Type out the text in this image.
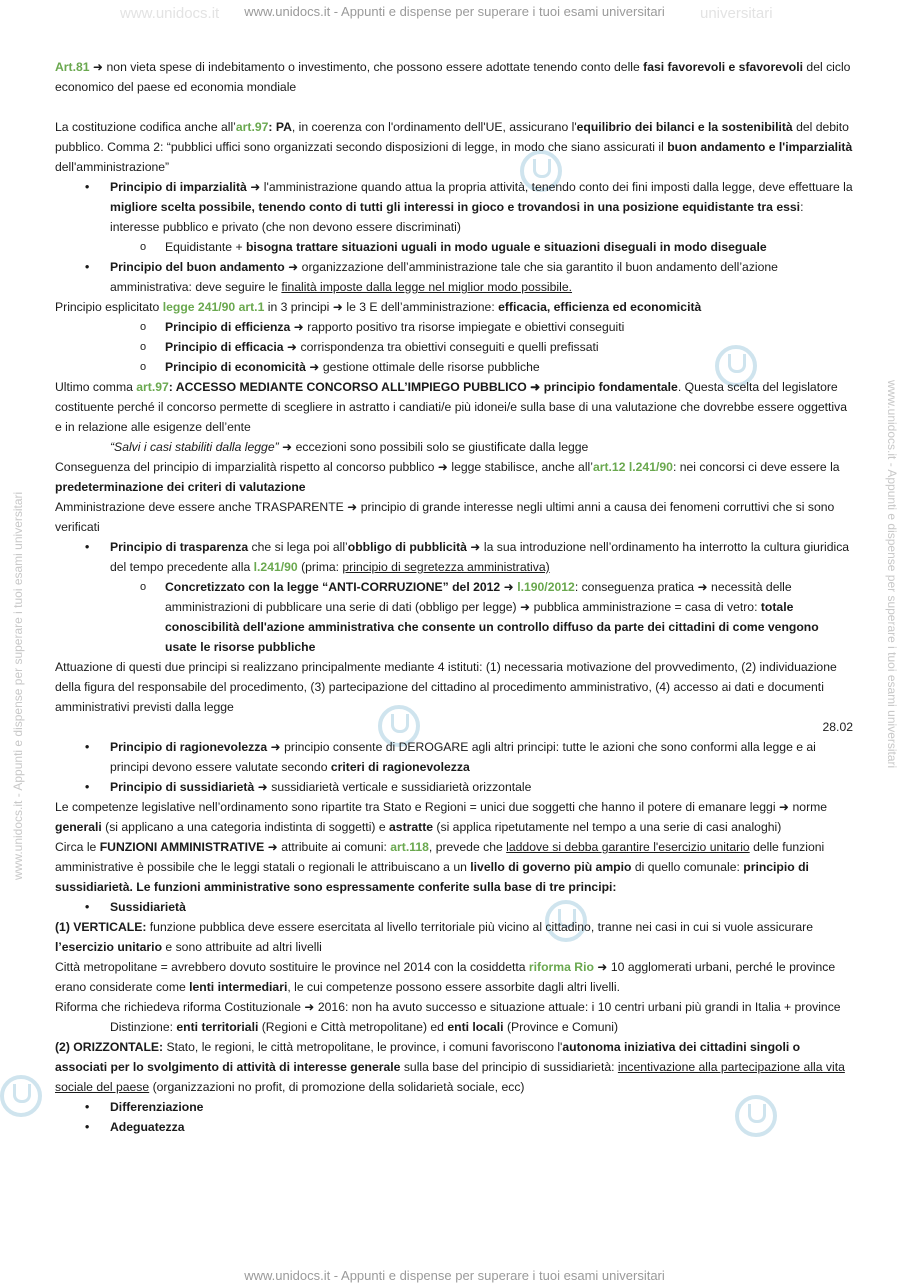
www.unidocs.it - Appunti e dispense per superare i tuoi esami universitari
www.unidocs.it - Appunti e dispense per superare i tuoi esami universitari
www.unidocs.it - Appunti e dispense per superare i tuoi esami universitari
www.unidocs.it - Appunti e dispense per superare i tuoi esami universitari
www.unidocs.it	universitari
Art.81 ➜ non vieta spese di indebitamento o investimento, che possono essere adottate tenendo conto delle fasi favorevoli e sfavorevoli del ciclo economico del paese ed economia mondiale
La costituzione codifica anche all’art.97: PA, in coerenza con l'ordinamento dell'UE, assicurano l'equilibrio dei bilanci e la sostenibilità del debito pubblico. Comma 2: “pubblici uffici sono organizzati secondo disposizioni di legge, in modo che siano assicurati il buon andamento e l'imparzialità dell'amministrazione”
• Principio di imparzialità ➜ l'amministrazione quando attua la propria attività, tenendo conto dei fini imposti dalla legge, deve effettuare la migliore scelta possibile, tenendo conto di tutti gli interessi in gioco e trovandosi in una posizione equidistante tra essi: interesse pubblico e privato (che non devono essere discriminati)
o Equidistante + bisogna trattare situazioni uguali in modo uguale e situazioni diseguali in modo diseguale
• Principio del buon andamento ➜ organizzazione dell’amministrazione tale che sia garantito il buon andamento dell’azione amministrativa: deve seguire le finalità imposte dalla legge nel miglior modo possibile.
Principio esplicitato legge 241/90 art.1 in 3 principi ➜ le 3 E dell’amministrazione: efficacia, efficienza ed economicità
o Principio di efficienza ➜ rapporto positivo tra risorse impiegate e obiettivi conseguiti
o Principio di efficacia ➜ corrispondenza tra obiettivi conseguiti e quelli prefissati
o Principio di economicità ➜ gestione ottimale delle risorse pubbliche
Ultimo comma art.97: ACCESSO MEDIANTE CONCORSO ALL’IMPIEGO PUBBLICO ➜ principio fondamentale. Questa scelta del legislatore costituente perché il concorso permette di scegliere in astratto i candiati/e più idonei/e sulla base di una valutazione che dovrebbe essere oggettiva e in relazione alle esigenze dell’ente
“Salvi i casi stabiliti dalla legge” ➜ eccezioni sono possibili solo se giustificate dalla legge
Conseguenza del principio di imparzialità rispetto al concorso pubblico ➜ legge stabilisce, anche all’art.12 l.241/90: nei concorsi ci deve essere la predeterminazione dei criteri di valutazione
Amministrazione deve essere anche TRASPARENTE ➜ principio di grande interesse negli ultimi anni a causa dei fenomeni corruttivi che si sono verificati
• Principio di trasparenza che si lega poi all’obbligo di pubblicità ➜ la sua introduzione nell’ordinamento ha interrotto la cultura giuridica del tempo precedente alla l.241/90 (prima: principio di segretezza amministrativa)
o Concretizzato con la legge “ANTI-CORRUZIONE” del 2012 ➜ l.190/2012: conseguenza pratica ➜ necessità delle amministrazioni di pubblicare una serie di dati (obbligo per legge) ➜ pubblica amministrazione = casa di vetro: totale conoscibilità dell'azione amministrativa che consente un controllo diffuso da parte dei cittadini di come vengono usate le risorse pubbliche
Attuazione di questi due principi si realizzano principalmente mediante 4 istituti: (1) necessaria motivazione del provvedimento, (2) individuazione della figura del responsabile del procedimento, (3) partecipazione del cittadino al procedimento amministrativo, (4) accesso ai dati e documenti amministrativi previsti dalla legge
28.02
• Principio di ragionevolezza ➜ principio consente di DEROGARE agli altri principi: tutte le azioni che sono conformi alla legge e ai principi devono essere valutate secondo criteri di ragionevolezza
• Principio di sussidiarietà ➜ sussidiarietà verticale e sussidiarietà orizzontale
Le competenze legislative nell’ordinamento sono ripartite tra Stato e Regioni = unici due soggetti che hanno il potere di emanare leggi ➜ norme generali (si applicano a una categoria indistinta di soggetti) e astratte (si applica ripetutamente nel tempo a una serie di casi analoghi)
Circa le FUNZIONI AMMINISTRATIVE ➜ attribuite ai comuni: art.118, prevede che laddove si debba garantire l'esercizio unitario delle funzioni amministrative è possibile che le leggi statali o regionali le attribuiscano a un livello di governo più ampio di quello comunale: principio di sussidiarietà. Le funzioni amministrative sono espressamente conferite sulla base di tre principi:
• Sussidiarietà
(1) VERTICALE: funzione pubblica deve essere esercitata al livello territoriale più vicino al cittadino, tranne nei casi in cui si vuole assicurare l’esercizio unitario e sono attribuite ad altri livelli
Città metropolitane = avrebbero dovuto sostituire le province nel 2014 con la cosiddetta riforma Rio ➜ 10 agglomerati urbani, perché le province erano considerate come lenti intermediari, le cui competenze possono essere assorbite dagli altri livelli.
Riforma che richiedeva riforma Costituzionale ➜ 2016: non ha avuto successo e situazione attuale: i 10 centri urbani più grandi in Italia + province
Distinzione: enti territoriali (Regioni e Città metropolitane) ed enti locali (Province e Comuni)
(2) ORIZZONTALE: Stato, le regioni, le città metropolitane, le province, i comuni favoriscono l'autonoma iniziativa dei cittadini singoli o associati per lo svolgimento di attività di interesse generale sulla base del principio di sussidiarietà: incentivazione alla partecipazione alla vita sociale del paese (organizzazioni no profit, di promozione della solidarietà sociale, ecc)
• Differenziazione
• Adeguatezza
